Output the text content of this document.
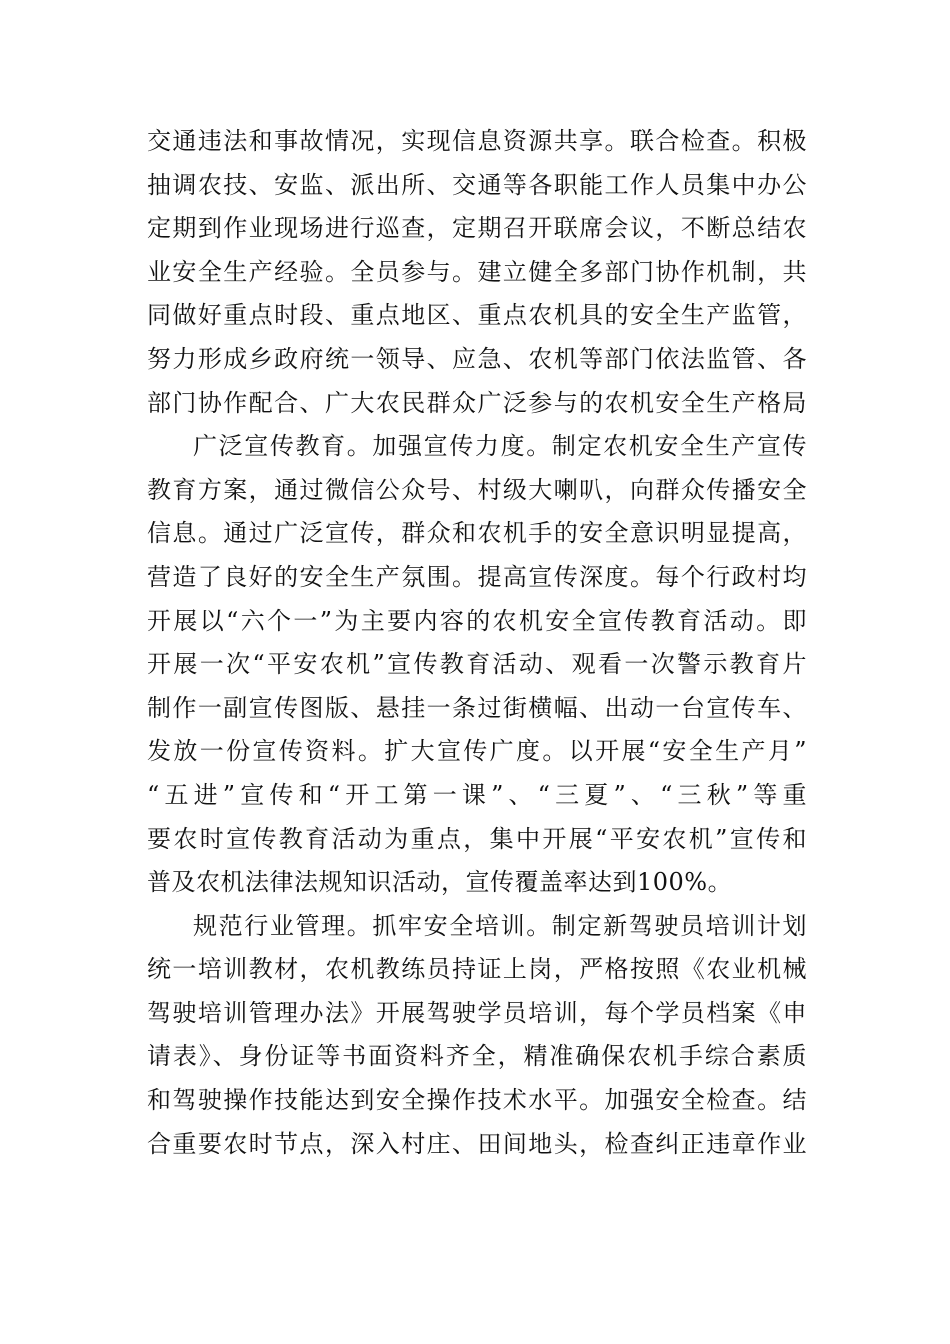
交通违法和事故情况，实现信息资源共享。联合检查。积极
抽调农技、安监、派出所、交通等各职能工作人员集中办公
定期到作业现场进行巡查，定期召开联席会议，不断总结农
业安全生产经验。全员参与。建立健全多部门协作机制，共
同做好重点时段、重点地区、重点农机具的安全生产监管，
努力形成乡政府统一领导、应急、农机等部门依法监管、各
部门协作配合、广大农民群众广泛参与的农机安全生产格局
广泛宣传教育。加强宣传力度。制定农机安全生产宣传
教育方案，通过微信公众号、村级大喇叭，向群众传播安全
信息。通过广泛宣传，群众和农机手的安全意识明显提高，
营造了良好的安全生产氛围。提高宣传深度。每个行政村均
开展以“六个一”为主要内容的农机安全宣传教育活动。即
开展一次“平安农机”宣传教育活动、观看一次警示教育片
制作一副宣传图版、悬挂一条过街横幅、出动一台宣传车、
发放一份宣传资料。扩大宣传广度。以开展“安全生产月”
“五进”宣传和“开工第一课”、“三夏”、“三秋”等重
要农时宣传教育活动为重点，集中开展“平安农机”宣传和
普及农机法律法规知识活动，宣传覆盖率达到100%。
规范行业管理。抓牢安全培训。制定新驾驶员培训计划
统一培训教材，农机教练员持证上岗，严格按照《农业机械
驾驶培训管理办法》开展驾驶学员培训，每个学员档案《申
请表》、身份证等书面资料齐全，精准确保农机手综合素质
和驾驶操作技能达到安全操作技术水平。加强安全检查。结
合重要农时节点，深入村庄、田间地头，检查纠正违章作业
